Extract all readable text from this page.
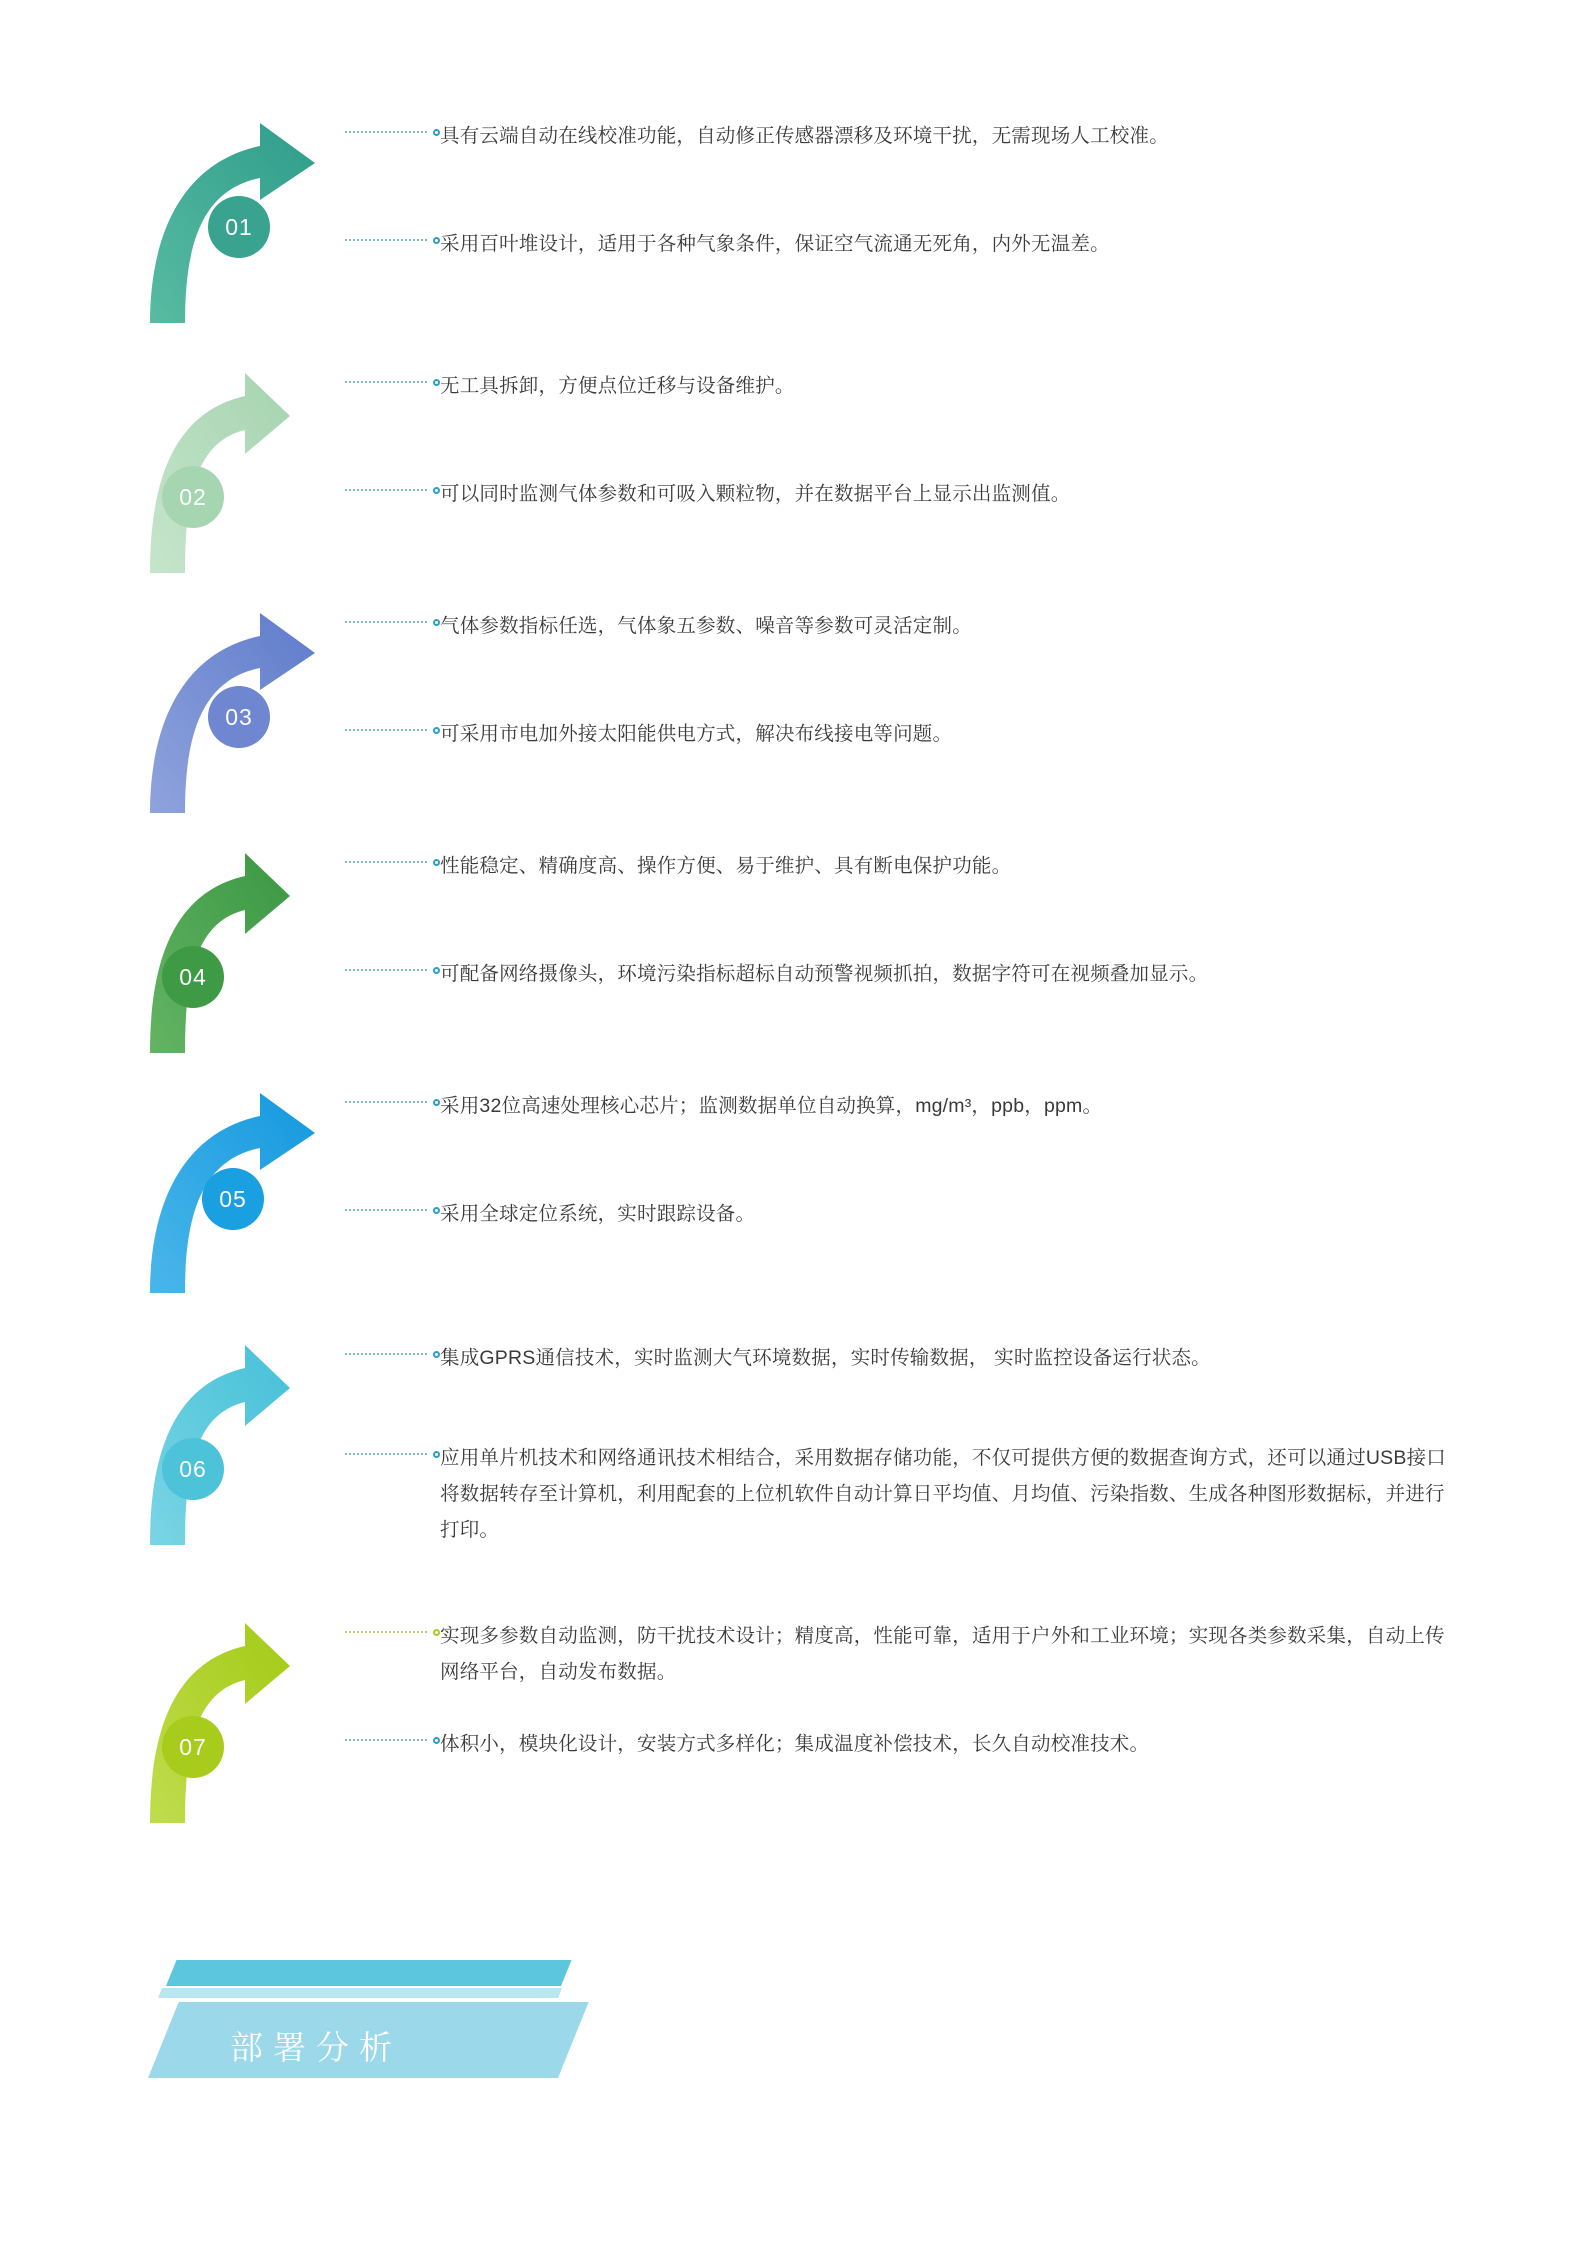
01
具有云端自动在线校准功能，自动修正传感器漂移及环境干扰，无需现场人工校准。
采用百叶堆设计，适用于各种气象条件，保证空气流通无死角，内外无温差。
02
无工具拆卸，方便点位迁移与设备维护。
可以同时监测气体参数和可吸入颗粒物，并在数据平台上显示出监测值。
03
气体参数指标任选，气体象五参数、噪音等参数可灵活定制。
可采用市电加外接太阳能供电方式，解决布线接电等问题。
04
性能稳定、精确度高、操作方便、易于维护、具有断电保护功能。
可配备网络摄像头，环境污染指标超标自动预警视频抓拍，数据字符可在视频叠加显示。
05
采用32位高速处理核心芯片；监测数据单位自动换算，mg/m³，ppb，ppm。
采用全球定位系统，实时跟踪设备。
06
集成GPRS通信技术，实时监测大气环境数据，实时传输数据， 实时监控设备运行状态。
应用单片机技术和网络通讯技术相结合，采用数据存储功能，不仅可提供方便的数据查询方式，还可以通过USB接口将数据转存至计算机，利用配套的上位机软件自动计算日平均值、月均值、污染指数、生成各种图形数据标，并进行打印。
07
实现多参数自动监测，防干扰技术设计；精度高，性能可靠，适用于户外和工业环境；实现各类参数采集，自动上传网络平台，自动发布数据。
体积小，模块化设计，安装方式多样化；集成温度补偿技术，长久自动校准技术。
部署分析
